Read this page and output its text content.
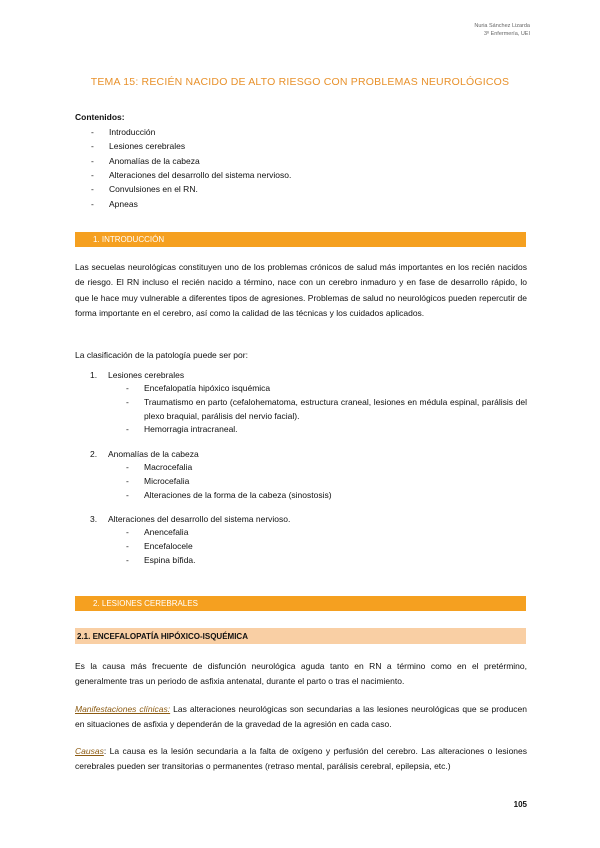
Nuria Sánchez Lizarda
3º Enfermería, UEI
TEMA 15: RECIÉN NACIDO DE ALTO RIESGO CON PROBLEMAS NEUROLÓGICOS
Contenidos:
-	Introducción
-	Lesiones cerebrales
-	Anomalías de la cabeza
-	Alteraciones del desarrollo del sistema nervioso.
-	Convulsiones en el RN.
-	Apneas
1. INTRODUCCIÓN
Las secuelas neurológicas constituyen uno de los problemas crónicos de salud más importantes en los recién nacidos de riesgo. El RN incluso el recién nacido a término, nace con un cerebro inmaduro y en fase de desarrollo rápido, lo que le hace muy vulnerable a diferentes tipos de agresiones. Problemas de salud no neurológicos pueden repercutir de forma importante en el cerebro, así como la calidad de las técnicas y los cuidados aplicados.
La clasificación de la patología puede ser por:
1.	Lesiones cerebrales
-	Encefalopatía hipóxico isquémica
-	Traumatismo en parto (cefalohematoma, estructura craneal, lesiones en médula espinal, parálisis del plexo braquial, parálisis del nervio facial).
-	Hemorragia intracraneal.
2.	Anomalías de la cabeza
-	Macrocefalia
-	Microcefalia
-	Alteraciones de la forma de la cabeza (sinostosis)
3.	Alteraciones del desarrollo del sistema nervioso.
-	Anencefalia
-	Encefalocele
-	Espina bífida.
2. LESIONES CEREBRALES
2.1. ENCEFALOPATÍA HIPÓXICO-ISQUÉMICA
Es la causa más frecuente de disfunción neurológica aguda tanto en RN a término como en el pretérmino, generalmente tras un periodo de asfixia antenatal, durante el parto o tras el nacimiento.
Manifestaciones clínicas: Las alteraciones neurológicas son secundarias a las lesiones neurológicas que se producen en situaciones de asfixia y dependerán de la gravedad de la agresión en cada caso.
Causas: La causa es la lesión secundaria a la falta de oxígeno y perfusión del cerebro. Las alteraciones o lesiones cerebrales pueden ser transitorias o permanentes (retraso mental, parálisis cerebral, epilepsia, etc.)
105
